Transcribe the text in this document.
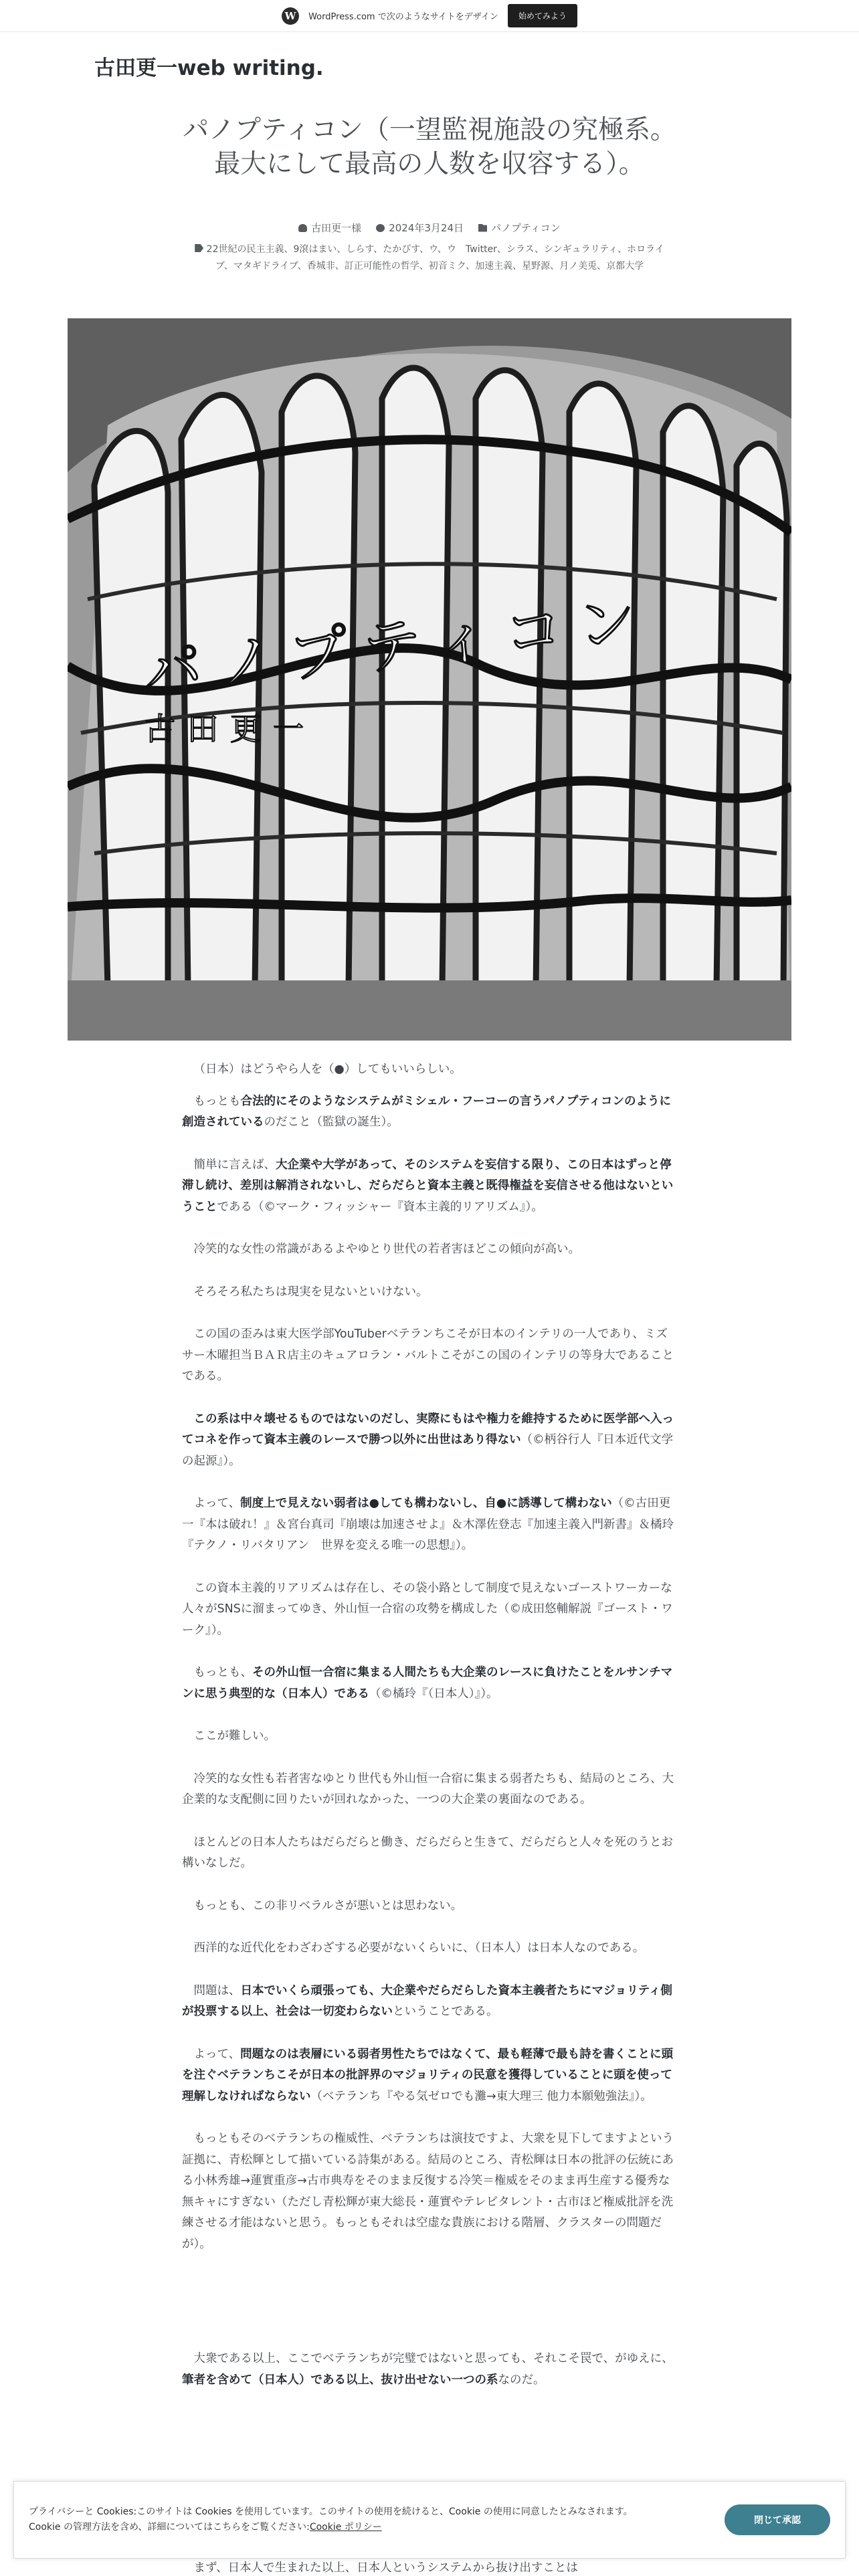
W	WordPress.com で次のようなサイトをデザイン	始めてみよう
古田更一web writing.
パノプティコン（一望監視施設の究極系。最大にして最高の人数を収容する）。
古田更一様	2024年3月24日	パノプティコン
22世紀の民主主義、9滾はまい、しらす、たかびす、ウ、ウ　Twitter、シラス、シンギュラリティ、ホロライブ、マタギドライブ、香城非、訂正可能性の哲学、初音ミク、加速主義、星野源、月ノ美兎、京都大学
パノプティコン
古田更一

（日本）はどうやら人を（●）してもいいらしい。

もっとも合法的にそのようなシステムがミシェル・フーコーの言うパノプティコンのように創造されているのだこと（監獄の誕生）。

簡単に言えば、大企業や大学があって、そのシステムを妄信する限り、この日本はずっと停滞し続け、差別は解消されないし、だらだらと資本主義と既得権益を妄信させる他はないということである（©マーク・フィッシャー『資本主義的リアリズム』）。

冷笑的な女性の常識があるよやゆとり世代の若者害ほどこの傾向が高い。

そろそろ私たちは現実を見ないといけない。

この国の歪みは東大医学部YouTuberベテランちこそが日本のインテリの一人であり、ミズサー木曜担当ＢＡＲ店主のキュアロラン・バルトこそがこの国のインテリの等身大であることである。

この系は中々壊せるものではないのだし、実際にもはや権力を維持するために医学部へ入ってコネを作って資本主義のレースで勝つ以外に出世はあり得ない（©柄谷行人『日本近代文学の起源』）。

よって、制度上で見えない弱者は●しても構わないし、自●に誘導して構わない（©古田更一『本は破れ！』＆宮台真司『崩壊は加速させよ』＆木澤佐登志『加速主義入門新書』＆橘玲『テクノ・リバタリアン　世界を変える唯一の思想』）。

この資本主義的リアリズムは存在し、その袋小路として制度で見えないゴーストワーカーな人々がSNSに溜まってゆき、外山恒一合宿の攻勢を構成した（©成田悠輔解説『ゴースト・ワーク』）。

もっとも、その外山恒一合宿に集まる人間たちも大企業のレースに負けたことをルサンチマンに思う典型的な（日本人）である（©橘玲『（日本人）』）。

ここが難しい。

冷笑的な女性も若者害なゆとり世代も外山恒一合宿に集まる弱者たちも、結局のところ、大企業的な支配側に回りたいが回れなかった、一つの大企業の裏面なのである。

ほとんどの日本人たちはだらだらと働き、だらだらと生きて、だらだらと人々を死のうとお構いなしだ。

もっとも、この非リベラルさが悪いとは思わない。

西洋的な近代化をわざわざする必要がないくらいに、（日本人）は日本人なのである。

問題は、日本でいくら頑張っても、大企業やだらだらした資本主義者たちにマジョリティ側が投票する以上、社会は一切変わらないということである。

よって、問題なのは表層にいる弱者男性たちではなくて、最も軽薄で最も詩を書くことに頭を注ぐベテランちこそが日本の批評界のマジョリティの民意を獲得していることに頭を使って理解しなければならない（ベテランち『やる気ゼロでも灘→東大理三 他力本願勉強法』）。

もっともそのベテランちの権威性、ベテランちは演技ですよ、大衆を見下してますよという証拠に、青松輝として描いている詩集がある。結局のところ、青松輝は日本の批評の伝統にある小林秀雄→蓮實重彦→古市典寿をそのまま反復する冷笑＝権威をそのまま再生産する優秀な無キャにすぎない（ただし青松輝が東大総長・蓮實やテレビタレント・古市ほど権威批評を洗練させる才能はないと思う。もっともそれは空虚な貴族における階層、クラスターの問題だが）。

大衆である以上、ここでベテランちが完璧ではないと思っても、それこそ罠で、がゆえに、筆者を含めて（日本人）である以上、抜け出せない一つの系なのだ。

まず、日本人で生まれた以上、日本人というシステムから抜け出すことは
プライバシーと Cookies:このサイトは Cookies を使用しています。このサイトの使用を続けると、Cookie の使用に同意したとみなされます。
Cookie の管理方法を含め、詳細についてはこちらをご覧ください:Cookie ポリシー
閉じて承認
